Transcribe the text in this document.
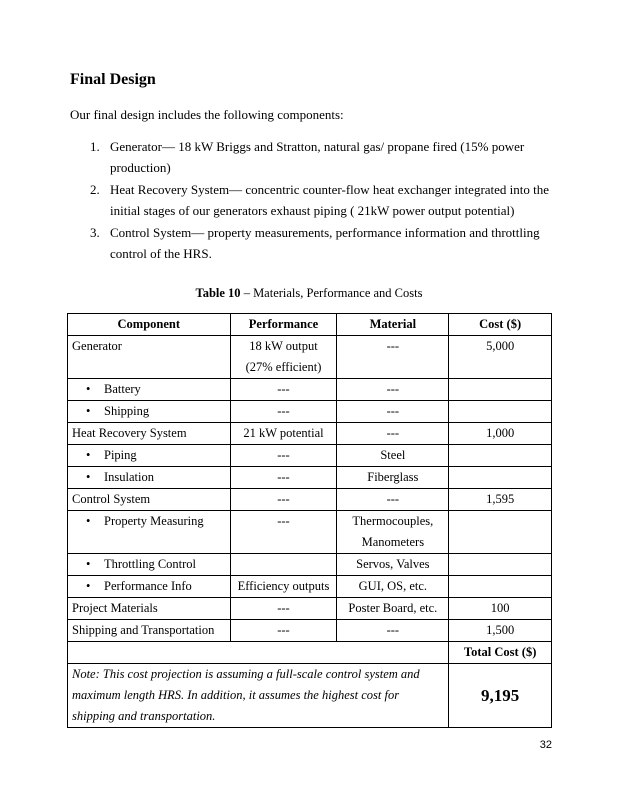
Final Design

Our final design includes the following components:

1. Generator— 18 kW Briggs and Stratton, natural gas/ propane fired (15% power production)
2. Heat Recovery System— concentric counter-flow heat exchanger integrated into the initial stages of our generators exhaust piping ( 21kW power output potential)
3. Control System— property measurements, performance information and throttling control of the HRS.
Table 10 – Materials, Performance and Costs
Component	Performance	Material	Cost ($)
Generator	18 kW output (27% efficient)	---	5,000
• Battery	---	---	
• Shipping	---	---	
Heat Recovery System	21 kW potential	---	1,000
• Piping	---	Steel	
• Insulation	---	Fiberglass	
Control System	---	---	1,595
• Property Measuring	---	Thermocouples, Manometers	
• Throttling Control		Servos, Valves	
• Performance Info	Efficiency outputs	GUI, OS, etc.	
Project Materials	---	Poster Board, etc.	100
Shipping and Transportation	---	---	1,500
			Total Cost ($)
Note: This cost projection is assuming a full-scale control system and maximum length HRS. In addition, it assumes the highest cost for shipping and transportation.			9,195
32
